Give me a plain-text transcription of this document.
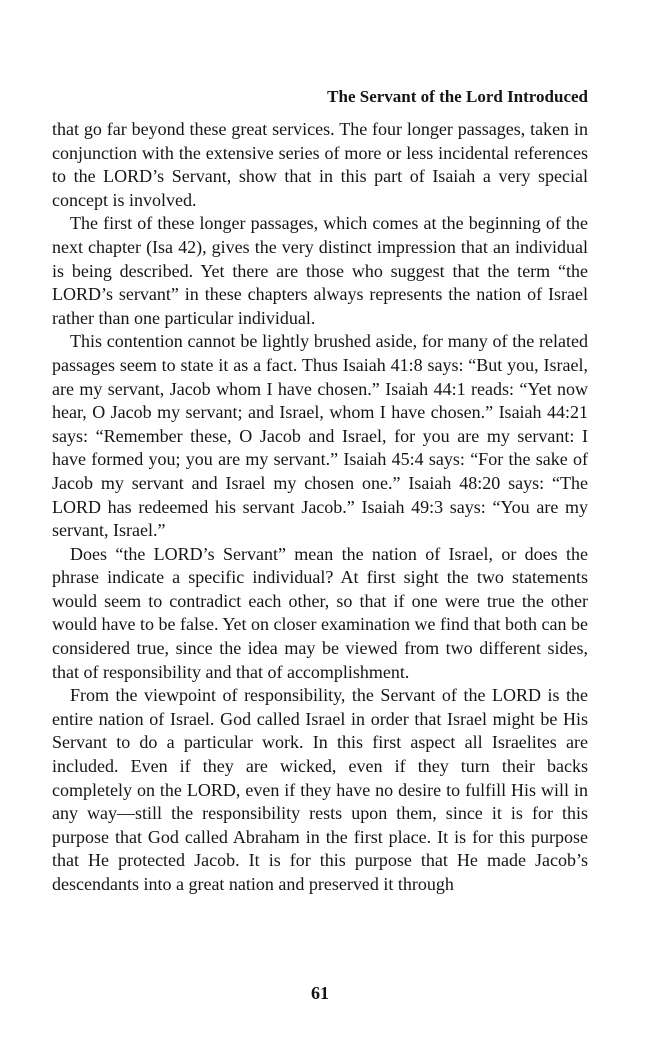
The Servant of the Lord Introduced

that go far beyond these great services. The four longer passages, taken in conjunction with the extensive series of more or less incidental references to the LORD’s Servant, show that in this part of Isaiah a very special concept is involved.

The first of these longer passages, which comes at the beginning of the next chapter (Isa 42), gives the very distinct impression that an individual is being described. Yet there are those who suggest that the term “the LORD’s servant” in these chapters always represents the nation of Israel rather than one particular individual.

This contention cannot be lightly brushed aside, for many of the related passages seem to state it as a fact. Thus Isaiah 41:8 says: “But you, Israel, are my servant, Jacob whom I have chosen.” Isaiah 44:1 reads: “Yet now hear, O Jacob my servant; and Israel, whom I have chosen.” Isaiah 44:21 says: “Remember these, O Jacob and Israel, for you are my servant: I have formed you; you are my servant.” Isaiah 45:4 says: “For the sake of Jacob my servant and Israel my chosen one.” Isaiah 48:20 says: “The LORD has redeemed his servant Jacob.” Isaiah 49:3 says: “You are my servant, Israel.”

Does “the LORD’s Servant” mean the nation of Israel, or does the phrase indicate a specific individual? At first sight the two statements would seem to contradict each other, so that if one were true the other would have to be false. Yet on closer examination we find that both can be considered true, since the idea may be viewed from two different sides, that of responsibility and that of accomplishment.

From the viewpoint of responsibility, the Servant of the LORD is the entire nation of Israel. God called Israel in order that Israel might be His Servant to do a particular work. In this first aspect all Israelites are included. Even if they are wicked, even if they turn their backs completely on the LORD, even if they have no desire to fulfill His will in any way—still the responsibility rests upon them, since it is for this purpose that God called Abraham in the first place. It is for this purpose that He protected Jacob. It is for this purpose that He made Jacob’s descendants into a great nation and preserved it through

61
